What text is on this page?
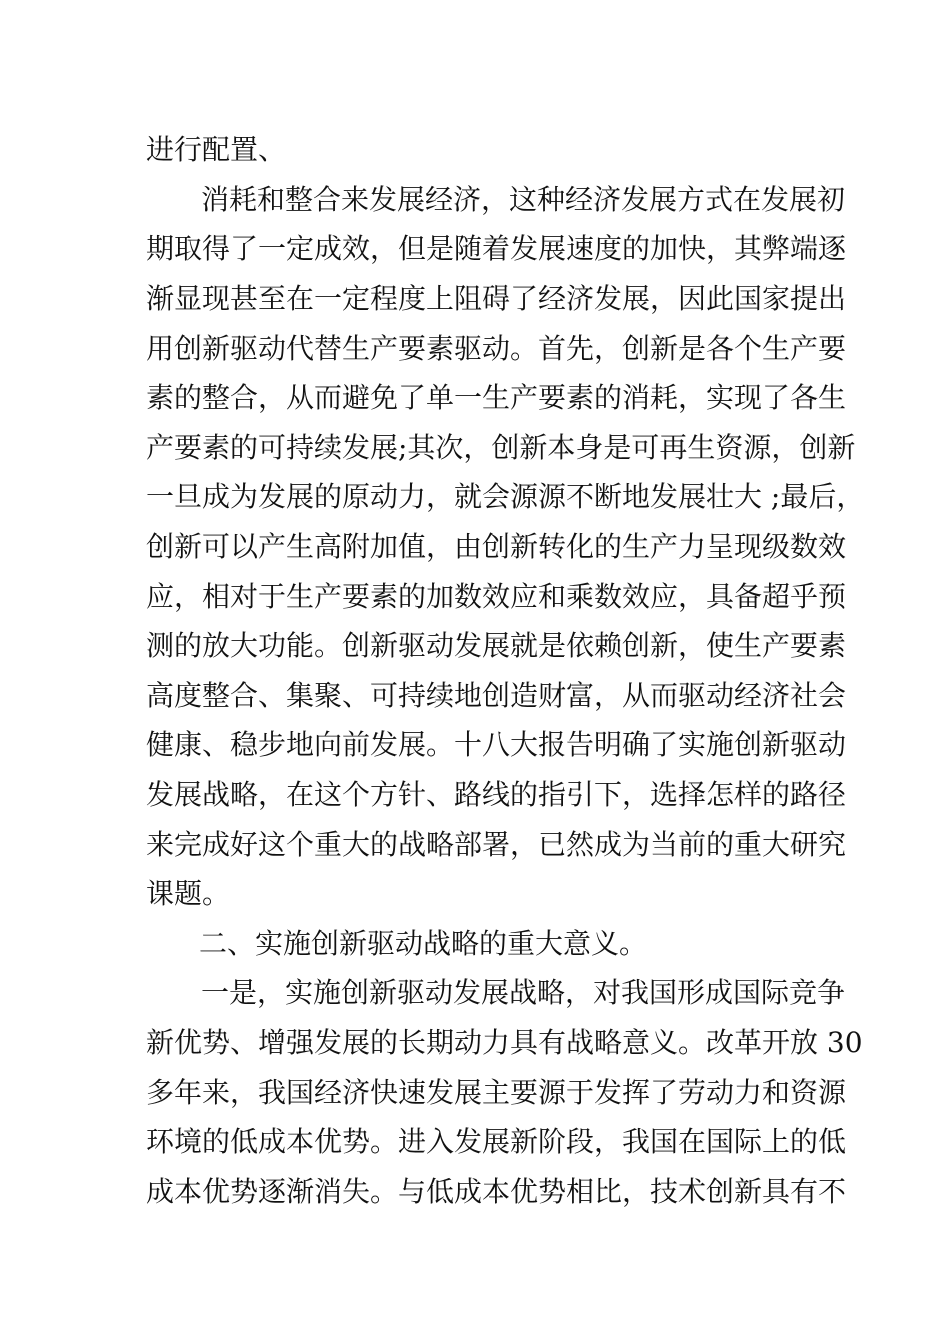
进行配置、
消耗和整合来发展经济，这种经济发展方式在发展初
期取得了一定成效，但是随着发展速度的加快，其弊端逐
渐显现甚至在一定程度上阻碍了经济发展，因此国家提出
用创新驱动代替生产要素驱动。首先，创新是各个生产要
素的整合，从而避免了单一生产要素的消耗，实现了各生
产要素的可持续发展;其次，创新本身是可再生资源，创新
一旦成为发展的原动力，就会源源不断地发展壮大 ;最后，
创新可以产生高附加值，由创新转化的生产力呈现级数效
应，相对于生产要素的加数效应和乘数效应，具备超乎预
测的放大功能。创新驱动发展就是依赖创新，使生产要素
高度整合、集聚、可持续地创造财富，从而驱动经济社会
健康、稳步地向前发展。十八大报告明确了实施创新驱动
发展战略，在这个方针、路线的指引下，选择怎样的路径
来完成好这个重大的战略部署，已然成为当前的重大研究
课题。
二、实施创新驱动战略的重大意义。
一是，实施创新驱动发展战略，对我国形成国际竞争
新优势、增强发展的长期动力具有战略意义。改革开放 30
多年来，我国经济快速发展主要源于发挥了劳动力和资源
环境的低成本优势。进入发展新阶段，我国在国际上的低
成本优势逐渐消失。与低成本优势相比，技术创新具有不
